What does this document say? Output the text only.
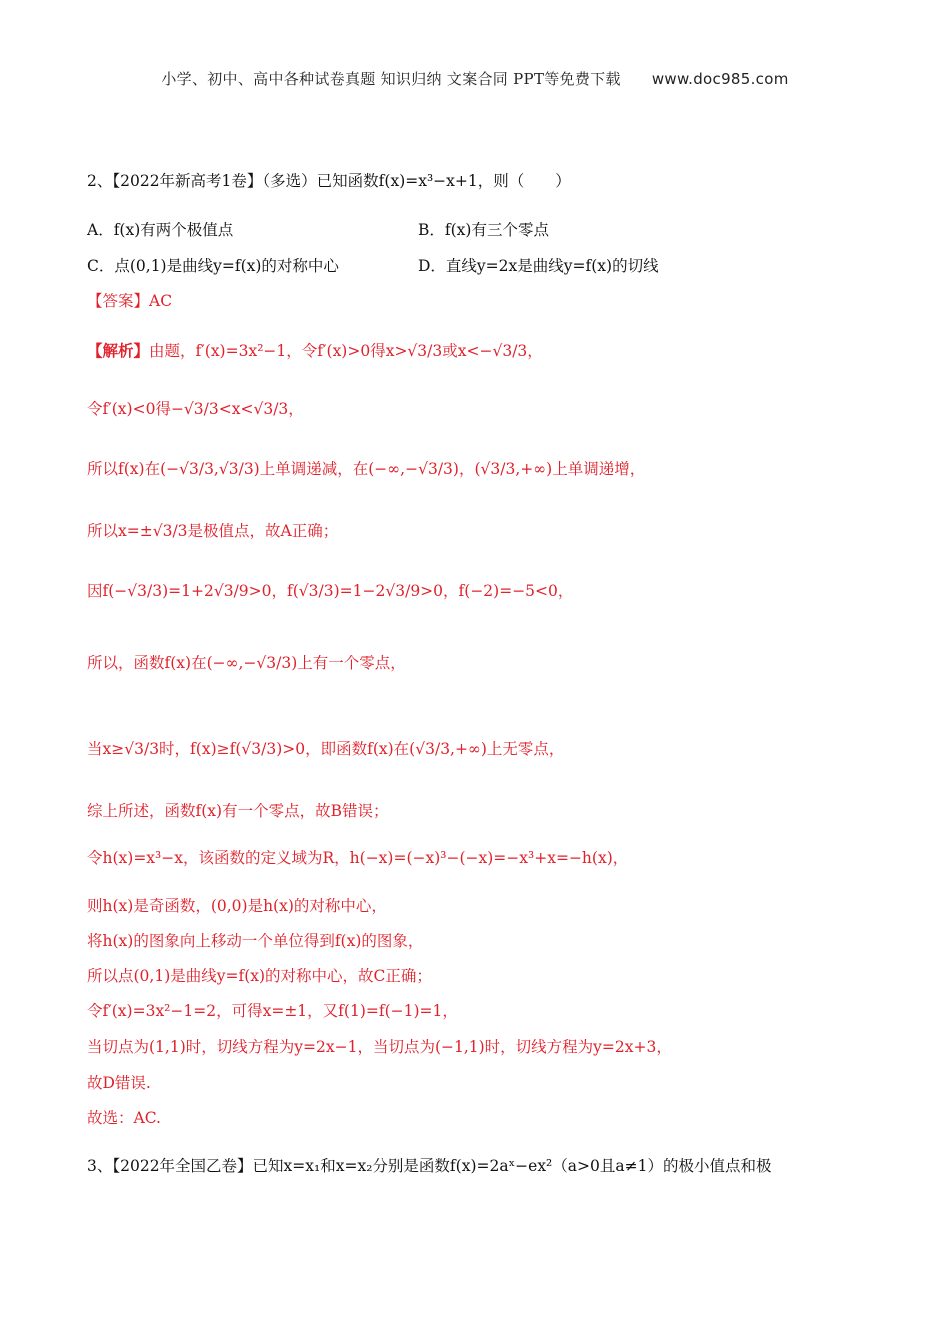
小学、初中、高中各种试卷真题 知识归纳 文案合同 PPT等免费下载 www.doc985.com
2、【2022年新高考1卷】（多选）已知函数f(x)=x³−x+1，则（　　）
A．f(x)有两个极值点	B．f(x)有三个零点
C．点(0,1)是曲线y=f(x)的对称中心	D．直线y=2x是曲线y=f(x)的切线
【答案】AC
【解析】由题，f′(x)=3x²−1，令f′(x)>0得x>√3/3或x<−√3/3，
令f′(x)<0得−√3/3<x<√3/3，
所以f(x)在(−√3/3,√3/3)上单调递减，在(−∞,−√3/3)，(√3/3,+∞)上单调递增，
所以x=±√3/3是极值点，故A正确；
因f(−√3/3)=1+2√3/9>0，f(√3/3)=1−2√3/9>0，f(−2)=−5<0，
所以，函数f(x)在(−∞,−√3/3)上有一个零点，
当x≥√3/3时，f(x)≥f(√3/3)>0，即函数f(x)在(√3/3,+∞)上无零点，
综上所述，函数f(x)有一个零点，故B错误；
令h(x)=x³−x，该函数的定义域为R，h(−x)=(−x)³−(−x)=−x³+x=−h(x)，
则h(x)是奇函数，(0,0)是h(x)的对称中心，
将h(x)的图象向上移动一个单位得到f(x)的图象，
所以点(0,1)是曲线y=f(x)的对称中心，故C正确；
令f′(x)=3x²−1=2，可得x=±1，又f(1)=f(−1)=1，
当切点为(1,1)时，切线方程为y=2x−1，当切点为(−1,1)时，切线方程为y=2x+3，
故D错误.
故选：AC.
3、【2022年全国乙卷】已知x=x₁和x=x₂分别是函数f(x)=2aˣ−ex²（a>0且a≠1）的极小值点和极
